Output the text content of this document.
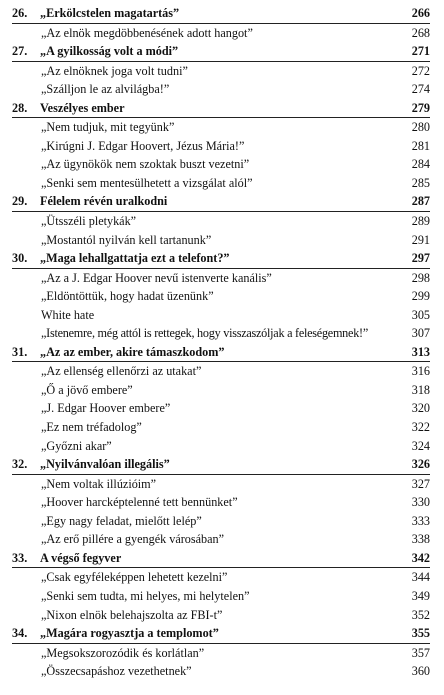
26. „Erkölcstelen magatartás”	266
„Az elnök megdöbbenésének adott hangot”	268
27. „A gyilkosság volt a módi”	271
„Az elnöknek joga volt tudni”	272
„Szálljon le az alvilágba!”	274
28. Veszélyes ember	279
„Nem tudjuk, mit tegyünk”	280
„Kirúgni J. Edgar Hoovert, Jézus Mária!”	281
„Az ügynökök nem szoktak buszt vezetni”	284
„Senki sem mentesülhetett a vizsgálat alól”	285
29. Félelem révén uralkodni	287
„Ütsszéli pletykák”	289
„Mostantól nyilván kell tartanunk”	291
30. „Maga lehallgattatja ezt a telefont?”	297
„Az a J. Edgar Hoover nevű istenverte kanális”	298
„Eldöntöttük, hogy hadat üzenünk”	299
White hate	305
„Istenemre, még attól is rettegek, hogy visszaszóljak a feleségemnek!”	307
31. „Az az ember, akire támaszkodom”	313
„Az ellenség ellenőrzi az utakat”	316
„Ő a jövő embere”	318
„J. Edgar Hoover embere”	320
„Ez nem tréfadolog”	322
„Győzni akar”	324
32. „Nyilvánvalóan illegális”	326
„Nem voltak illúzióim”	327
„Hoover harcképtelenné tett bennünket”	330
„Egy nagy feladat, mielőtt lelép”	333
„Az erő pillére a gyengék városában”	338
33. A végső fegyver	342
„Csak egyféleképpen lehetett kezelni”	344
„Senki sem tudta, mi helyes, mi helytelen”	349
„Nixon elnök belehajszolta az FBI-t”	352
34. „Magára rogyasztja a templomot”	355
„Megsokszorozódik és korlátlan”	357
„Összecsapáshoz vezethetnek”	360
